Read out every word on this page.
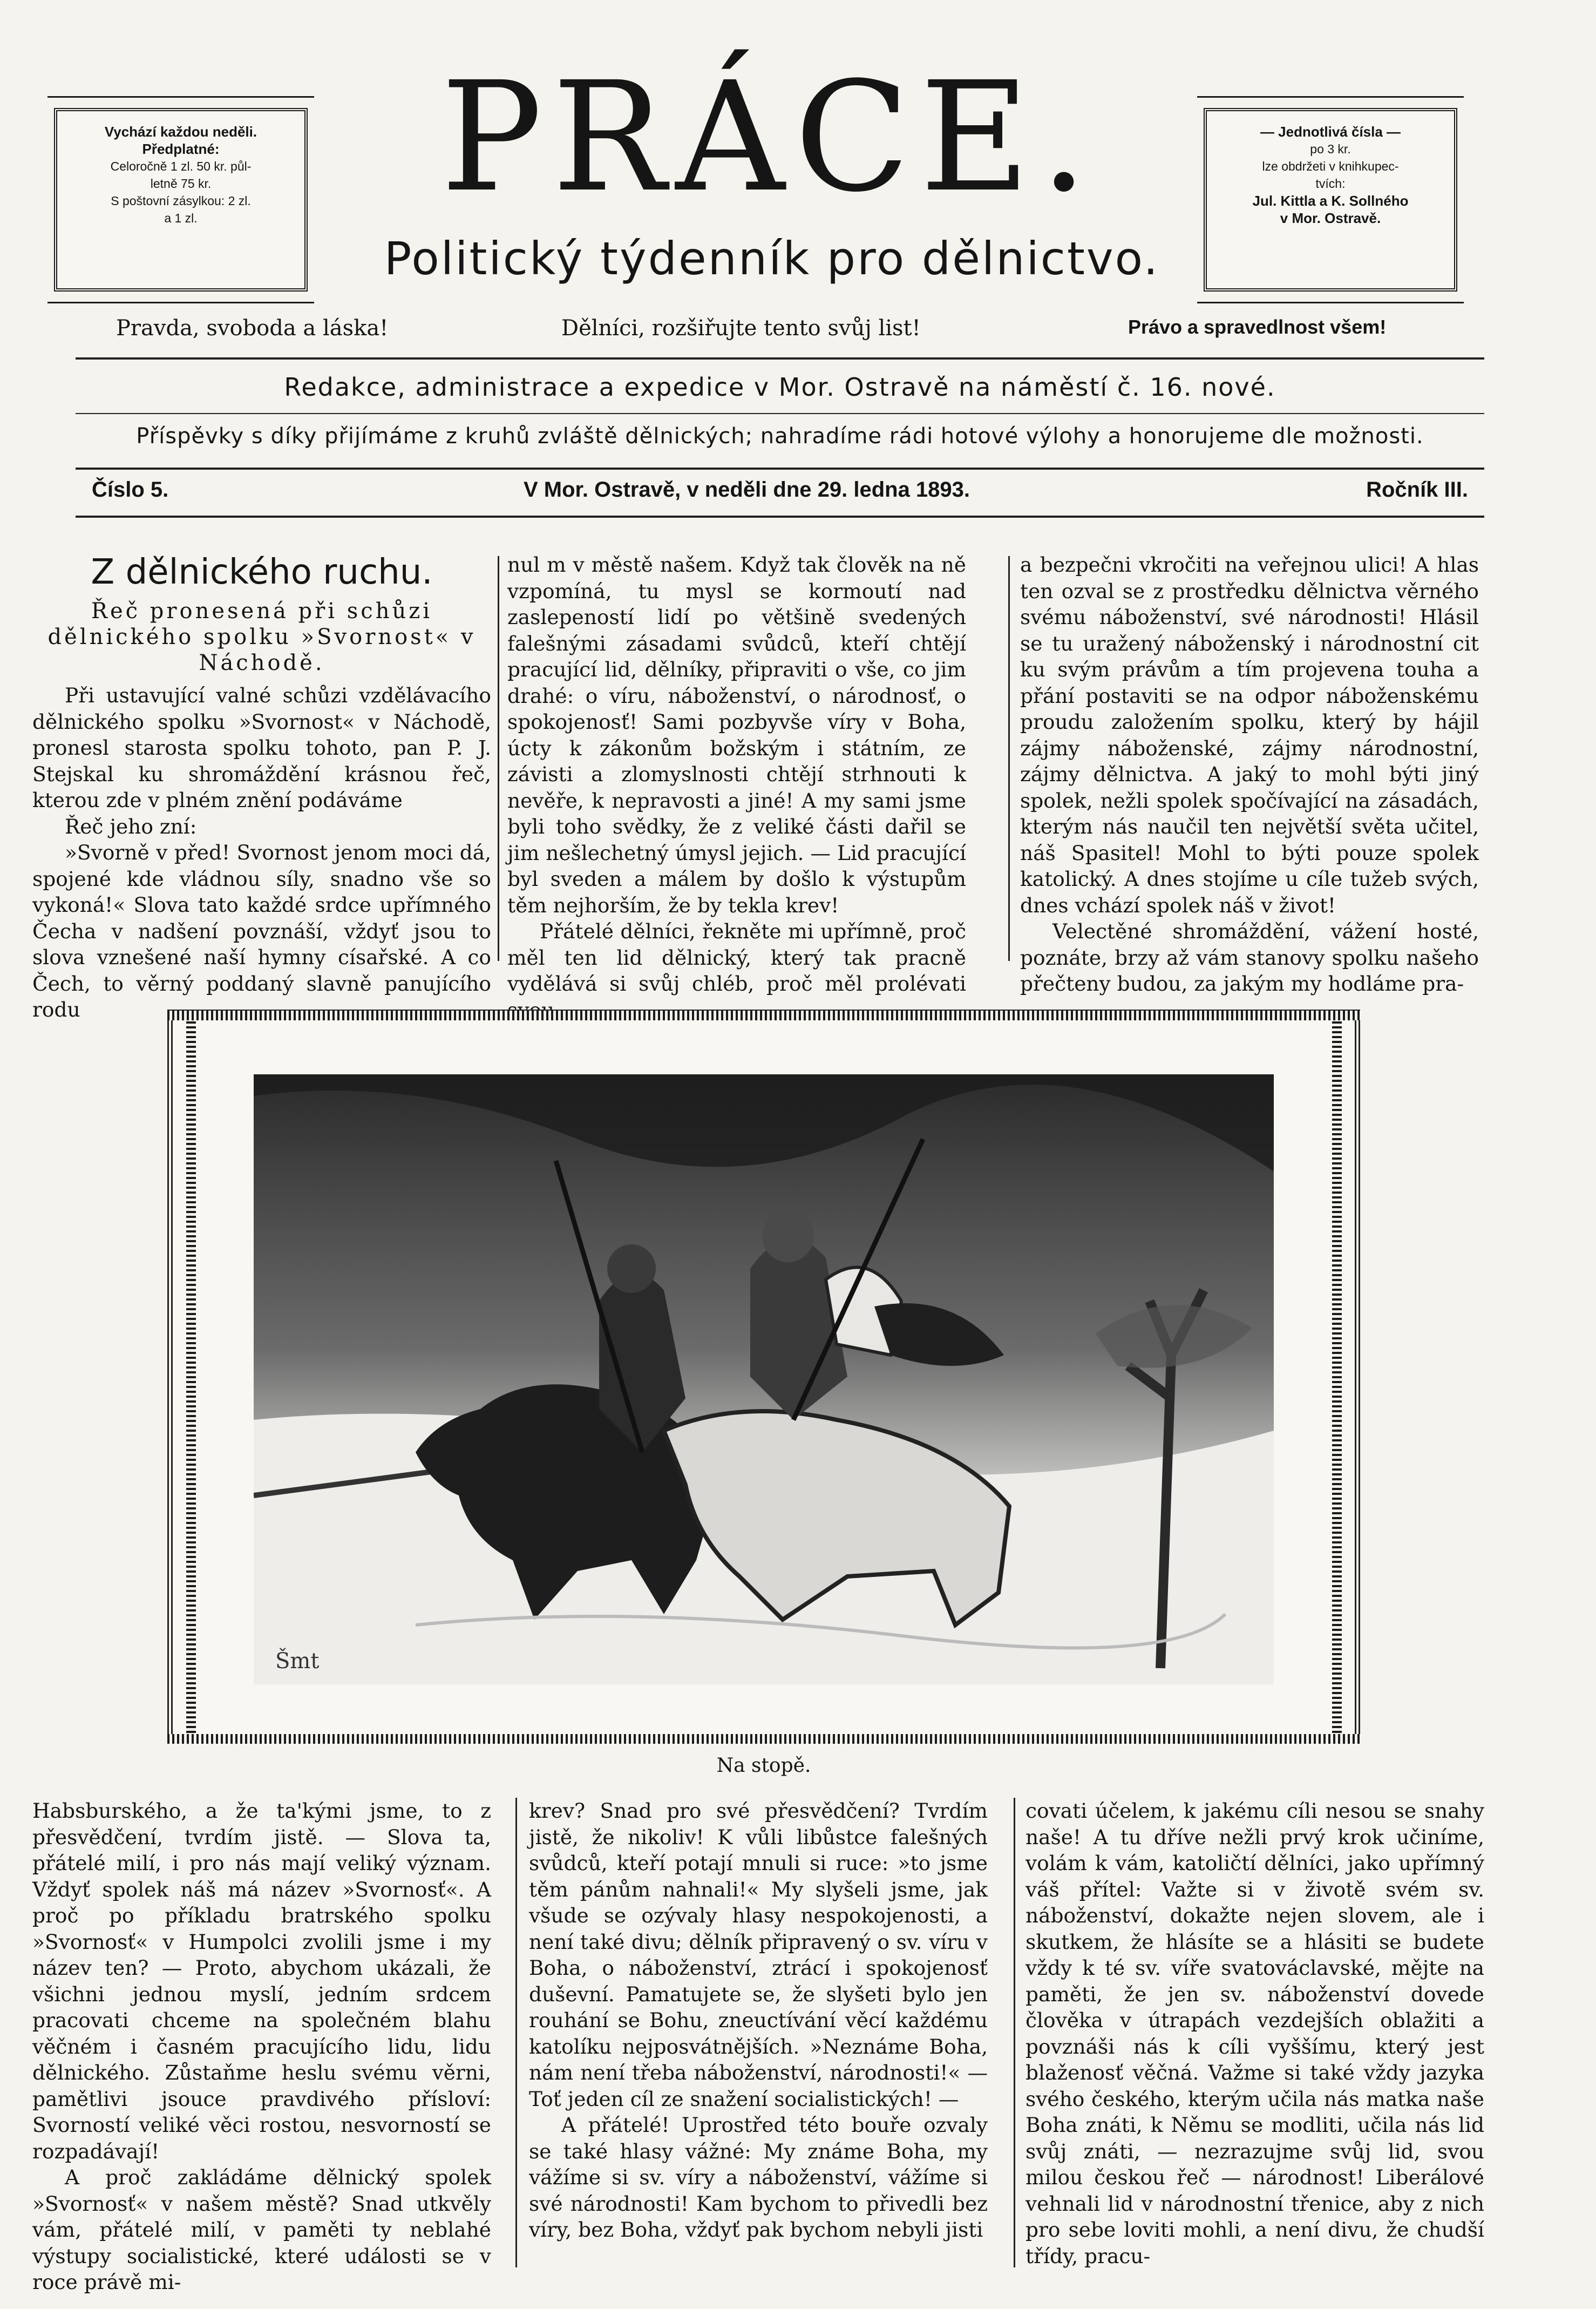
Vychází každou neděli.
Předplatné:
Celoročně 1 zl. 50 kr. půl-
letně 75 kr.
S poštovní zásylkou: 2 zl.
a 1 zl.	PRÁCE.
Politický týdenník pro dělnictvo.
— Jednotlivá čísla —
po 3 kr.
lze obdržeti v knihkupec-
tvích:
Jul. Kittla a K. Sollného
v Mor. Ostravě.
Pravda, svoboda a láska!	Dělníci, rozšiřujte tento svůj list!	Právo a spravedlnost všem!
Redakce, administrace a expedice v Mor. Ostravě na náměstí č. 16. nové.
Příspěvky s díky přijímáme z kruhů zvláště dělnických; nahradíme rádi hotové výlohy a honorujeme dle možnosti.
Číslo 5.	V Mor. Ostravě, v neděli dne 29. ledna 1893.	Ročník III.
Z dělnického ruchu.
Řeč pronesená při schůzi dělnického spolku »Svornost« v Náchodě.

Při ustavující valné schůzi vzdělávacího dělnického spolku »Svornost« v Náchodě, pronesl starosta spolku tohoto, pan P. J. Stejskal ku shromáždění krásnou řeč, kterou zde v plném znění podáváme

Řeč jeho zní:

»Svorně v před! Svornost jenom moci dá, spojené kde vládnou síly, snadno vše so vykoná!« Slova tato každé srdce upřímného Čecha v nadšení povznáší, vždyť jsou to slova vznešené naší hymny císařské. A co Čech, to věrný poddaný slavně panujícího rodu

nul m v městě našem. Když tak člověk na ně vzpomíná, tu mysl se kormoutí nad zaslepeností lidí po většině svedených falešnými zásadami svůdců, kteří chtějí pracující lid, dělníky, připraviti o vše, co jim drahé: o víru, náboženství, o národnosť, o spokojenosť! Sami pozbyvše víry v Boha, úcty k zákonům božským i státním, ze závisti a zlomyslnosti chtějí strhnouti k nevěře, k nepravosti a jiné! A my sami jsme byli toho svědky, že z veliké části dařil se jim nešlechetný úmysl jejich. — Lid pracující byl sveden a málem by došlo k výstupům těm nejhorším, že by tekla krev!

Přátelé dělníci, řekněte mi upřímně, proč měl ten lid dělnický, který tak pracně vydělává si svůj chléb, proč měl prolévati

a bezpečni vkročiti na veřejnou ulici! A hlas ten ozval se z prostředku dělnictva věrného svému náboženství, své národnosti! Hlásil se tu uražený náboženský i národnostní cit ku svým právům a tím projevena touha a přání postaviti se na odpor náboženskému proudu založením spolku, který by hájil zájmy náboženské, zájmy národnostní, zájmy dělnictva. A jaký to mohl býti jiný spolek, nežli spolek spočívající na zásadách, kterým nás naučil ten největší světa učitel, náš Spasitel! Mohl to býti pouze spolek katolický. A dnes stojíme u cíle tužeb svých, dnes vchází spolek náš v život!

Velectěné shromáždění, vážení hosté, poznáte, brzy až vám stanovy spolku našeho přečteny budou, za jakým my hodláme pra-

Šmt
Na stopě.

Habsburského, a že ta'kými jsme, to z přesvědčení, tvrdím jistě. — Slova ta, přátelé milí, i pro nás mají veliký význam. Vždyť spolek náš má název »Svornosť«. A proč po příkladu bratrského spolku »Svornosť« v Humpolci zvolili jsme i my název ten? — Proto, abychom ukázali, že všichni jednou myslí, jedním srdcem pracovati chceme na společném blahu věčném i časném pracujícího lidu, lidu dělnického. Zůstaňme heslu svému věrni, pamětlivi jsouce pravdivého přísloví: Svorností veliké věci rostou, nesvorností se rozpadávají!

A proč zakládáme dělnický spolek »Svornosť« v našem městě? Snad utkvěly vám, přátelé milí, v paměti ty neblahé výstupy socialistické, které události se v roce právě mi-

krev? Snad pro své přesvědčení? Tvrdím jistě, že nikoliv! K vůli libůstce falešných svůdců, kteří potají mnuli si ruce: »to jsme těm pánům nahnali!« My slyšeli jsme, jak všude se ozývaly hlasy nespokojenosti, a není také divu; dělník připravený o sv. víru v Boha, o náboženství, ztrácí i spokojenosť duševní. Pamatujete se, že slyšeti bylo jen rouhání se Bohu, zneuctívání věcí každému katolíku nejposvátnějších. »Neznáme Boha, nám není třeba náboženství, národnosti!« — Toť jeden cíl ze snažení socialistických! —

A přátelé! Uprostřed této bouře ozvaly se také hlasy vážné: My známe Boha, my vážíme si sv. víry a náboženství, vážíme si své národnosti! Kam bychom to přivedli bez víry, bez Boha, vždyť pak bychom nebyli jisti

covati účelem, k jakému cíli nesou se snahy naše! A tu dříve nežli prvý krok učiníme, volám k vám, katoličtí dělníci, jako upřímný váš přítel: Važte si v životě svém sv. náboženství, dokažte nejen slovem, ale i skutkem, že hlásíte se a hlásiti se budete vždy k té sv. víře svatováclavské, mějte na paměti, že jen sv. náboženství dovede člověka v útrapách vezdejších oblažiti a povznáši nás k cíli vyššímu, který jest blaženosť věčná. Važme si také vždy jazyka svého českého, kterým učila nás matka naše Boha znáti, k Němu se modliti, učila nás lid svůj znáti, — nezrazujme svůj lid, svou milou českou řeč — národnost! Liberálové vehnali lid v národnostní třenice, aby z nich pro sebe loviti mohli, a není divu, že chudší třídy, pracu-
